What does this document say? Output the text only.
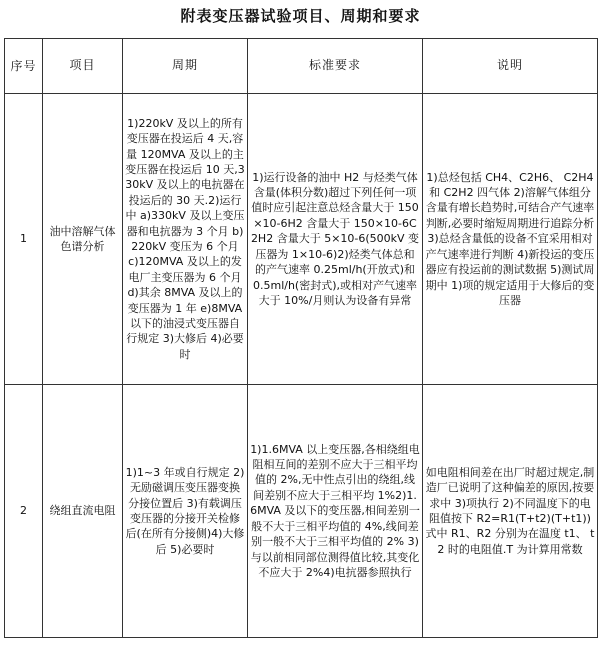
附表变压器试验项目、周期和要求
序号	项目	周期	标准要求	说明
1	油中溶解气体色谱分析	1)220kV 及以上的所有变压器在投运后 4 天,容量 120MVA 及以上的主变压器在投运后 10 天,330kV 及以上的电抗器在投运后的 30 天.2)运行中 a)330kV 及以上变压器和电抗器为 3 个月 b)220kV 变压为 6 个月 c)120MVA 及以上的发电厂主变压器为 6 个月 d)其余 8MVA 及以上的变压器为 1 年 e)8MVA 以下的油浸式变压器自行规定 3)大修后 4)必要时	1)运行设备的油中 H2 与烃类气体含量(体积分数)超过下列任何一项值时应引起注意总烃含量大于 150×10-6H2 含量大于 150×10-6C2H2 含量大于 5×10-6(500kV 变压器为 1×10-6)2)烃类气体总和的产气速率 0.25ml/h(开放式)和 0.5ml/h(密封式),或相对产气速率大于 10%/月则认为设备有异常	1)总烃包括 CH4、C2H6、 C2H4 和 C2H2 四气体 2)溶解气体组分含量有增长趋势时,可结合产气速率判断,必要时缩短周期进行追踪分析 3)总烃含量低的设备不宜采用相对产气速率进行判断 4)新投运的变压器应有投运前的测试数据 5)测试周期中 1)项的规定适用于大修后的变压器
2	绕组直流电阻	1)1~3 年或自行规定 2)无励磁调压变压器变换分接位置后 3)有载调压变压器的分接开关检修后(在所有分接侧)4)大修后 5)必要时	1)1.6MVA 以上变压器,各相绕组电阻相互间的差别不应大于三相平均值的 2%,无中性点引出的绕组,线间差别不应大于三相平均 1%2)1.6MVA 及以下的变压器,相间差别一般不大于三相平均值的 4%,线间差别一般不大于三相平均值的 2% 3)与以前相同部位测得值比较,其变化不应大于 2%4)电抗器参照执行	如电阻相间差在出厂时超过规定,制造厂已说明了这种偏差的原因,按要求中 3)项执行 2)不同温度下的电阻值按下 R2=R1(T+t2)(T+t1)) 式中 R1、R2 分别为在温度 t1、 t2 时的电阻值.T 为计算用常数
